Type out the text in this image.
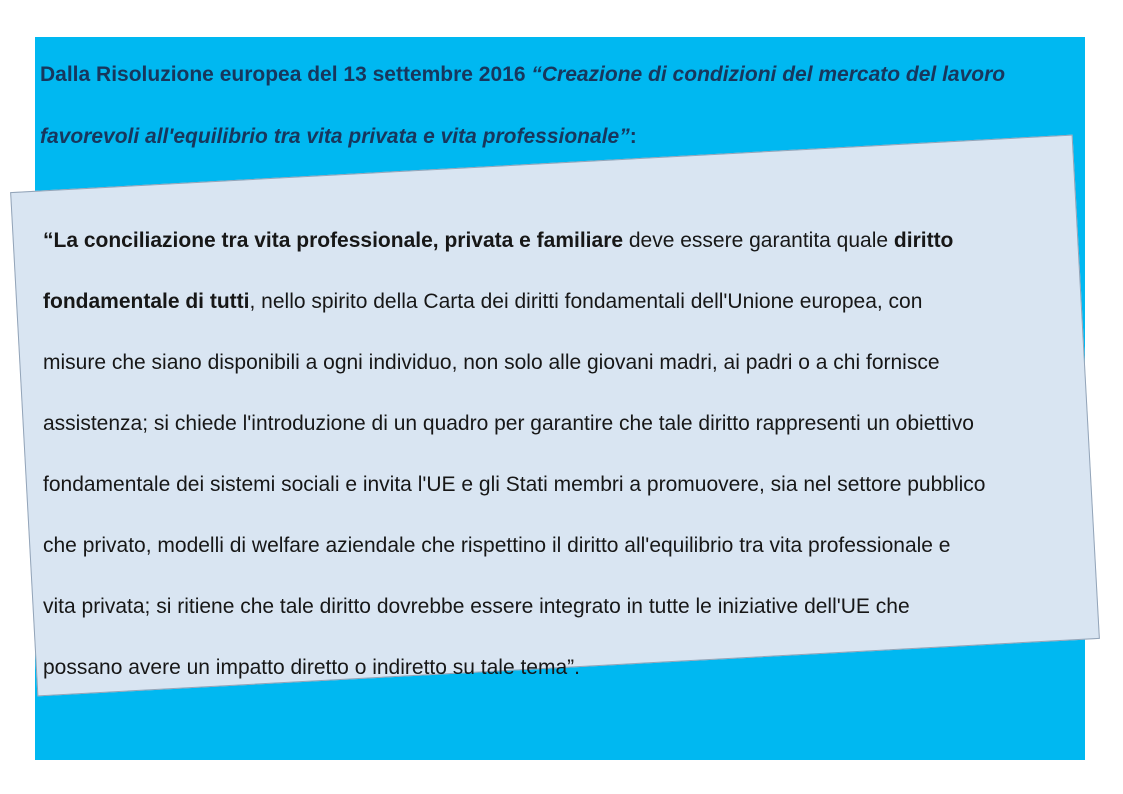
Dalla Risoluzione europea del 13 settembre 2016 “Creazione di condizioni del mercato del lavoro
favorevoli all'equilibrio tra vita privata e vita professionale”:
“La conciliazione tra vita professionale, privata e familiare deve essere garantita quale diritto
fondamentale di tutti, nello spirito della Carta dei diritti fondamentali dell'Unione europea, con
misure che siano disponibili a ogni individuo, non solo alle giovani madri, ai padri o a chi fornisce
assistenza; si chiede l'introduzione di un quadro per garantire che tale diritto rappresenti un obiettivo
fondamentale dei sistemi sociali e invita l'UE e gli Stati membri a promuovere, sia nel settore pubblico
che privato, modelli di welfare aziendale che rispettino il diritto all'equilibrio tra vita professionale e
vita privata; si ritiene che tale diritto dovrebbe essere integrato in tutte le iniziative dell'UE che
possano avere un impatto diretto o indiretto su tale tema”.
